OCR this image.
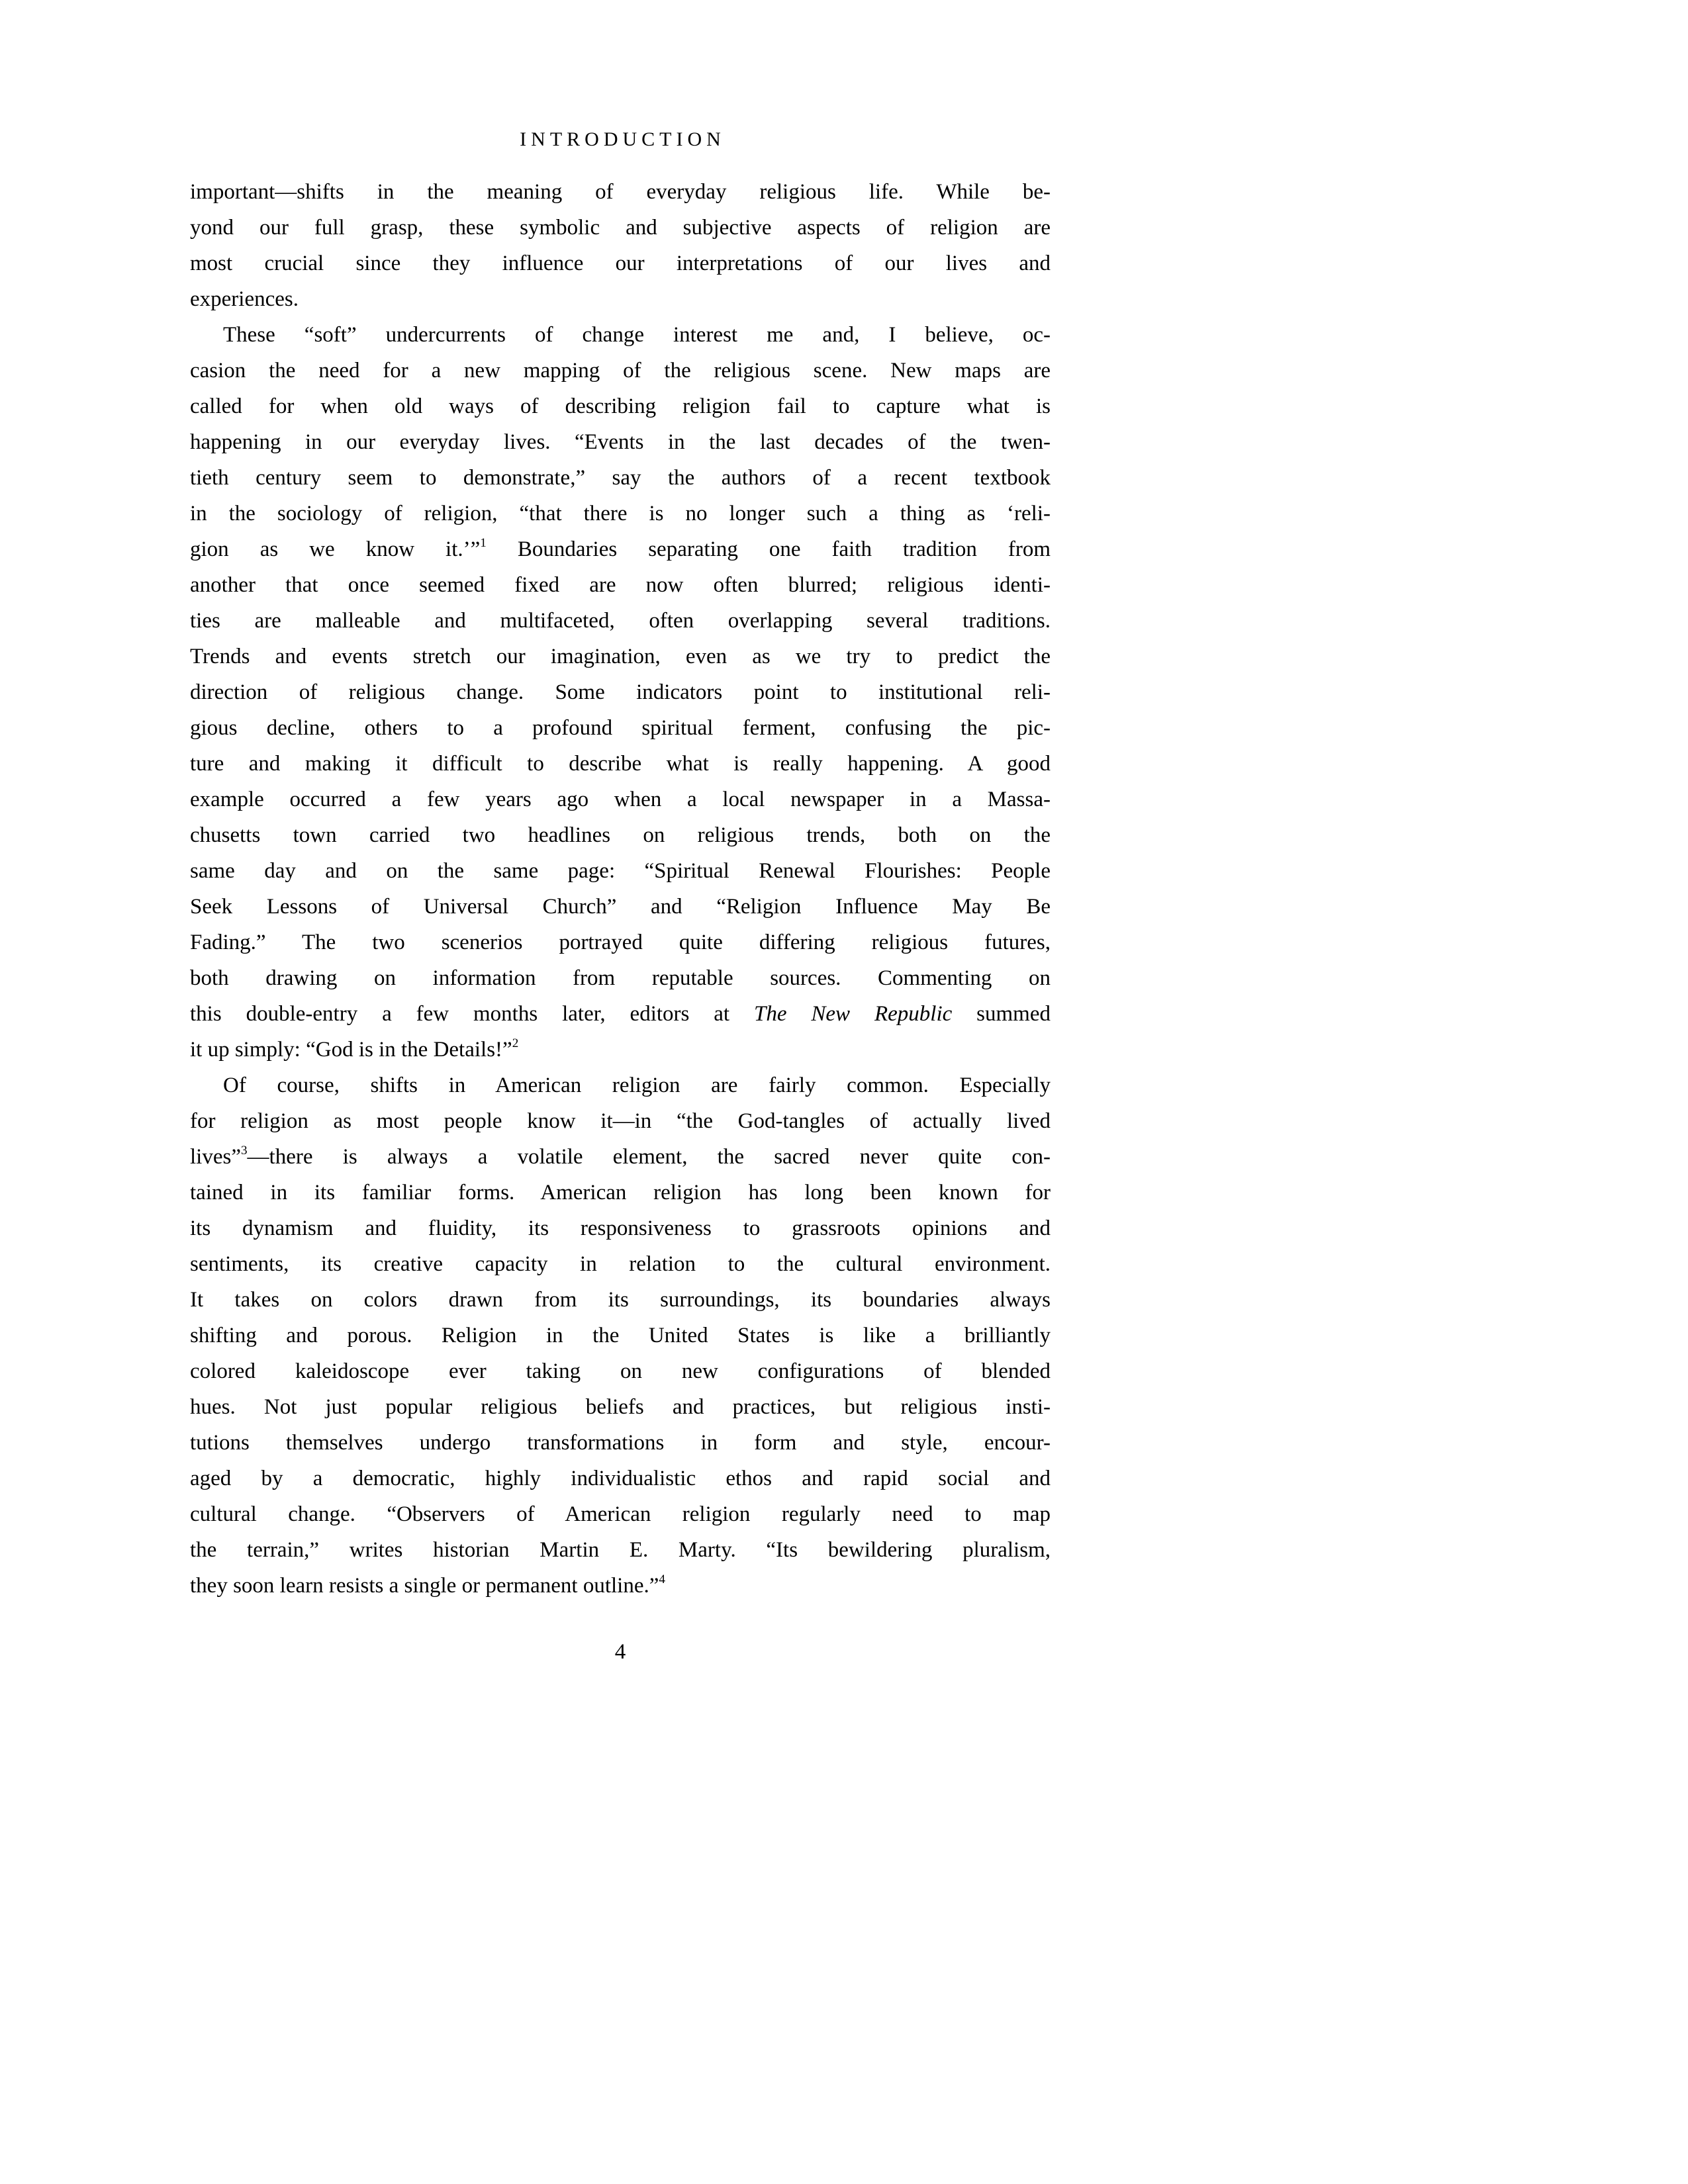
INTRODUCTION
important—shifts in the meaning of everyday religious life. While be-
yond our full grasp, these symbolic and subjective aspects of religion are
most crucial since they influence our interpretations of our lives and
experiences.
These “soft” undercurrents of change interest me and, I believe, oc-
casion the need for a new mapping of the religious scene. New maps are
called for when old ways of describing religion fail to capture what is
happening in our everyday lives. “Events in the last decades of the twen-
tieth century seem to demonstrate,” say the authors of a recent textbook
in the sociology of religion, “that there is no longer such a thing as ‘reli-
gion as we know it.’”$^1$ Boundaries separating one faith tradition from
another that once seemed fixed are now often blurred; religious identi-
ties are malleable and multifaceted, often overlapping several traditions.
Trends and events stretch our imagination, even as we try to predict the
direction of religious change. Some indicators point to institutional reli-
gious decline, others to a profound spiritual ferment, confusing the pic-
ture and making it difficult to describe what is really happening. A good
example occurred a few years ago when a local newspaper in a Massa-
chusetts town carried two headlines on religious trends, both on the
same day and on the same page: “Spiritual Renewal Flourishes: People
Seek Lessons of Universal Church” and “Religion Influence May Be
Fading.” The two scenerios portrayed quite differing religious futures,
both drawing on information from reputable sources. Commenting on
this double-entry a few months later, editors at The New Republic summed
it up simply: “God is in the Details!”$^2$
Of course, shifts in American religion are fairly common. Especially
for religion as most people know it—in “the God-tangles of actually lived
lives”$^3$—there is always a volatile element, the sacred never quite con-
tained in its familiar forms. American religion has long been known for
its dynamism and fluidity, its responsiveness to grassroots opinions and
sentiments, its creative capacity in relation to the cultural environment.
It takes on colors drawn from its surroundings, its boundaries always
shifting and porous. Religion in the United States is like a brilliantly
colored kaleidoscope ever taking on new configurations of blended
hues. Not just popular religious beliefs and practices, but religious insti-
tutions themselves undergo transformations in form and style, encour-
aged by a democratic, highly individualistic ethos and rapid social and
cultural change. “Observers of American religion regularly need to map
the terrain,” writes historian Martin E. Marty. “Its bewildering pluralism,
they soon learn resists a single or permanent outline.”$^4$
4
